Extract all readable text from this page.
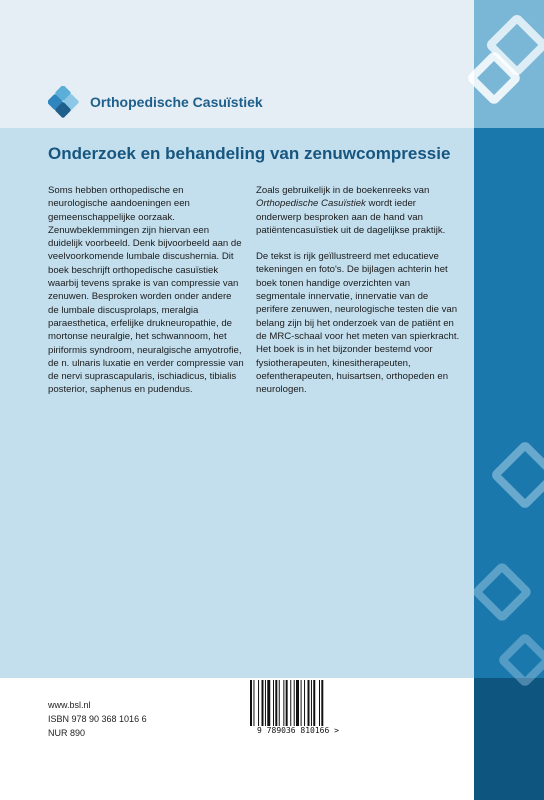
Orthopedische Casuïstiek
Onderzoek en behandeling van zenuwcompressie

Soms hebben orthopedische en neurologische aandoeningen een gemeenschappelijke oorzaak. Zenuwbeklemmingen zijn hiervan een duidelijk voorbeeld. Denk bijvoorbeeld aan de veelvoorkomende lumbale discushernia. Dit boek beschrijft orthopedische casuïstiek waarbij tevens sprake is van compressie van zenuwen. Besproken worden onder andere de lumbale discusprolaps, meralgia paraesthetica, erfelijke drukneuropathie, de mortonse neuralgie, het schwannoom, het piriformis syndroom, neuralgische amyotrofie, de n. ulnaris luxatie en verder compressie van de nervi suprascapularis, ischiadicus, tibialis posterior, saphenus en pudendus.

Zoals gebruikelijk in de boekenreeks van Orthopedische Casuïstiek wordt ieder onderwerp besproken aan de hand van patiëntencasuïstiek uit de dagelijkse praktijk.

De tekst is rijk geïllustreerd met educatieve tekeningen en foto's. De bijlagen achterin het boek tonen handige overzichten van segmentale innervatie, innervatie van de perifere zenuwen, neurologische testen die van belang zijn bij het onderzoek van de patiënt en de MRC-schaal voor het meten van spierkracht. Het boek is in het bijzonder bestemd voor fysiotherapeuten, kinesitherapeuten, oefentherapeuten, huisartsen, orthopeden en neurologen.

www.bsl.nl
ISBN 978 90 368 1016 6
NUR 890	9 789036 810166 >
